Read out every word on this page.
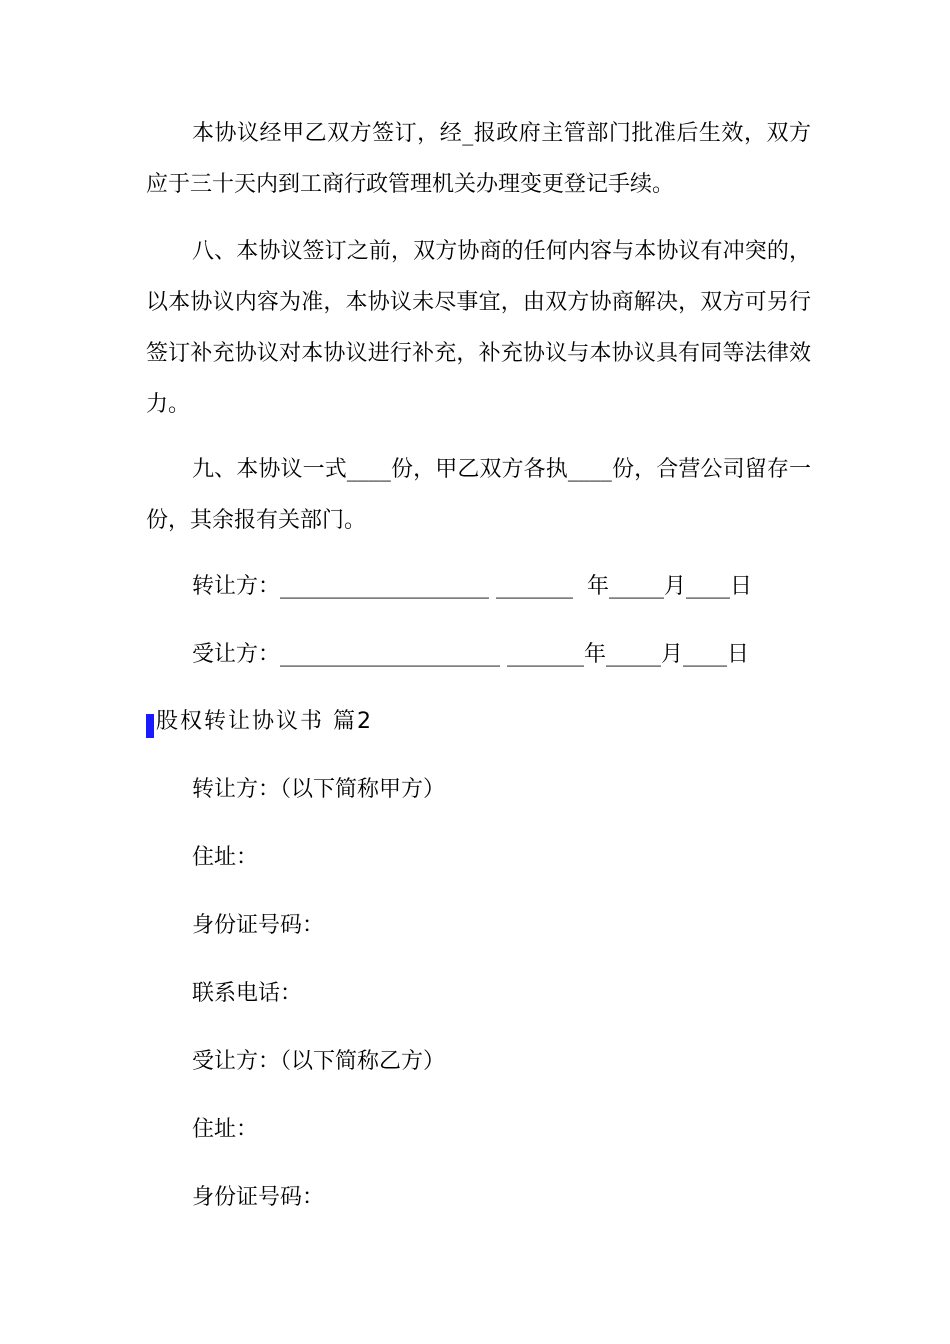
本协议经甲乙双方签订，经_报政府主管部门批准后生效，双方应于三十天内到工商行政管理机关办理变更登记手续。

八、本协议签订之前，双方协商的任何内容与本协议有冲突的，以本协议内容为准，本协议未尽事宜，由双方协商解决，双方可另行签订补充协议对本协议进行补充，补充协议与本协议具有同等法律效力。

九、本协议一式____份，甲乙双方各执____份，合营公司留存一份，其余报有关部门。

转让方：___________________ _______  年_____月____日
受让方：____________________ _______年_____月____日
股权转让协议书 篇2
转让方：（以下简称甲方）
住址：
身份证号码：
联系电话：
受让方：（以下简称乙方）
住址：
身份证号码：
